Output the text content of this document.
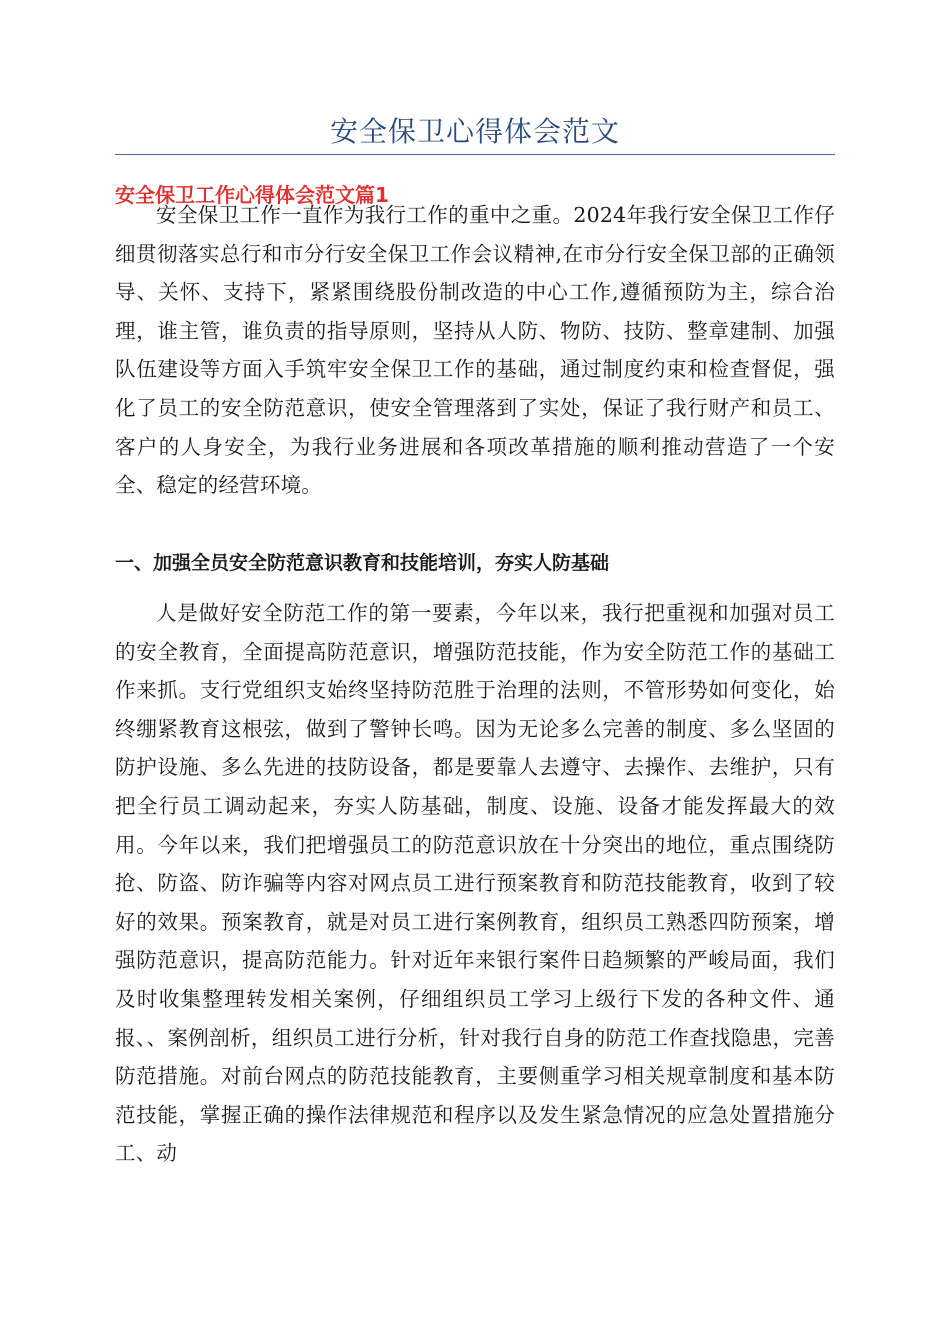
安全保卫心得体会范文
安全保卫工作心得体会范文篇1

安全保卫工作一直作为我行工作的重中之重。2024年我行安全保卫工作仔细贯彻落实总行和市分行安全保卫工作会议精神,在市分行安全保卫部的正确领导、关怀、支持下，紧紧围绕股份制改造的中心工作,遵循预防为主，综合治理，谁主管，谁负责的指导原则，坚持从人防、物防、技防、整章建制、加强队伍建设等方面入手筑牢安全保卫工作的基础，通过制度约束和检查督促，强化了员工的安全防范意识，使安全管理落到了实处，保证了我行财产和员工、客户的人身安全，为我行业务进展和各项改革措施的顺利推动营造了一个安全、稳定的经营环境。

一、加强全员安全防范意识教育和技能培训，夯实人防基础

人是做好安全防范工作的第一要素，今年以来，我行把重视和加强对员工的安全教育，全面提高防范意识，增强防范技能，作为安全防范工作的基础工作来抓。支行党组织支始终坚持防范胜于治理的法则，不管形势如何变化，始终绷紧教育这根弦，做到了警钟长鸣。因为无论多么完善的制度、多么坚固的防护设施、多么先进的技防设备，都是要靠人去遵守、去操作、去维护，只有把全行员工调动起来，夯实人防基础，制度、设施、设备才能发挥最大的效用。今年以来，我们把增强员工的防范意识放在十分突出的地位，重点围绕防抢、防盗、防诈骗等内容对网点员工进行预案教育和防范技能教育，收到了较好的效果。预案教育，就是对员工进行案例教育，组织员工熟悉四防预案，增强防范意识，提高防范能力。针对近年来银行案件日趋频繁的严峻局面，我们及时收集整理转发相关案例，仔细组织员工学习上级行下发的各种文件、通报、、案例剖析，组织员工进行分析，针对我行自身的防范工作查找隐患，完善防范措施。对前台网点的防范技能教育，主要侧重学习相关规章制度和基本防范技能，掌握正确的操作法律规范和程序以及发生紧急情况的应急处置措施分工、动
